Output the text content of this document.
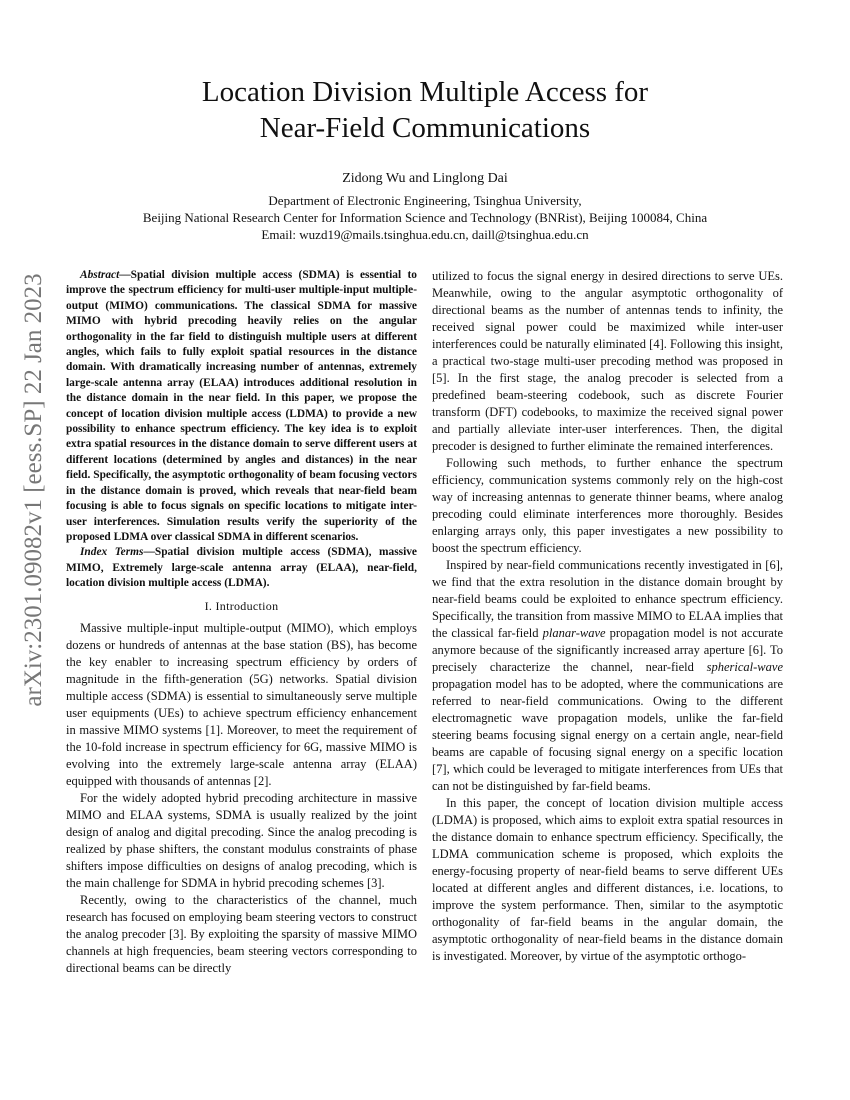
arXiv:2301.09082v1 [eess.SP] 22 Jan 2023
Location Division Multiple Access for
Near-Field Communications
Zidong Wu and Linglong Dai
Department of Electronic Engineering, Tsinghua University,
Beijing National Research Center for Information Science and Technology (BNRist), Beijing 100084, China
Email: wuzd19@mails.tsinghua.edu.cn, daill@tsinghua.edu.cn

Abstract—Spatial division multiple access (SDMA) is essential to improve the spectrum efficiency for multi-user multiple-input multiple-output (MIMO) communications. The classical SDMA for massive MIMO with hybrid precoding heavily relies on the angular orthogonality in the far field to distinguish multiple users at different angles, which fails to fully exploit spatial resources in the distance domain. With dramatically increasing number of antennas, extremely large-scale antenna array (ELAA) introduces additional resolution in the distance domain in the near field. In this paper, we propose the concept of location division multiple access (LDMA) to provide a new possibility to enhance spectrum efficiency. The key idea is to exploit extra spatial resources in the distance domain to serve different users at different locations (determined by angles and distances) in the near field. Specifically, the asymptotic orthogonality of beam focusing vectors in the distance domain is proved, which reveals that near-field beam focusing is able to focus signals on specific locations to mitigate inter-user interferences. Simulation results verify the superiority of the proposed LDMA over classical SDMA in different scenarios.

Index Terms—Spatial division multiple access (SDMA), massive MIMO, Extremely large-scale antenna array (ELAA), near-field, location division multiple access (LDMA).

I. Introduction

Massive multiple-input multiple-output (MIMO), which employs dozens or hundreds of antennas at the base station (BS), has become the key enabler to increasing spectrum efficiency by orders of magnitude in the fifth-generation (5G) networks. Spatial division multiple access (SDMA) is essential to simultaneously serve multiple user equipments (UEs) to achieve spectrum efficiency enhancement in massive MIMO systems [1]. Moreover, to meet the requirement of the 10-fold increase in spectrum efficiency for 6G, massive MIMO is evolving into the extremely large-scale antenna array (ELAA) equipped with thousands of antennas [2].

For the widely adopted hybrid precoding architecture in massive MIMO and ELAA systems, SDMA is usually realized by the joint design of analog and digital precoding. Since the analog precoding is realized by phase shifters, the constant modulus constraints of phase shifters impose difficulties on designs of analog precoding, which is the main challenge for SDMA in hybrid precoding schemes [3].

Recently, owing to the characteristics of the channel, much research has focused on employing beam steering vectors to construct the analog precoder [3]. By exploiting the sparsity of massive MIMO channels at high frequencies, beam steering vectors corresponding to directional beams can be directly

utilized to focus the signal energy in desired directions to serve UEs. Meanwhile, owing to the angular asymptotic orthogonality of directional beams as the number of antennas tends to infinity, the received signal power could be maximized while inter-user interferences could be naturally eliminated [4]. Following this insight, a practical two-stage multi-user precoding method was proposed in [5]. In the first stage, the analog precoder is selected from a predefined beam-steering codebook, such as discrete Fourier transform (DFT) codebooks, to maximize the received signal power and partially alleviate inter-user interferences. Then, the digital precoder is designed to further eliminate the remained interferences.

Following such methods, to further enhance the spectrum efficiency, communication systems commonly rely on the high-cost way of increasing antennas to generate thinner beams, where analog precoding could eliminate interferences more thoroughly. Besides enlarging arrays only, this paper investigates a new possibility to boost the spectrum efficiency.

Inspired by near-field communications recently investigated in [6], we find that the extra resolution in the distance domain brought by near-field beams could be exploited to enhance spectrum efficiency. Specifically, the transition from massive MIMO to ELAA implies that the classical far-field planar-wave propagation model is not accurate anymore because of the significantly increased array aperture [6]. To precisely characterize the channel, near-field spherical-wave propagation model has to be adopted, where the communications are referred to near-field communications. Owing to the different electromagnetic wave propagation models, unlike the far-field steering beams focusing signal energy on a certain angle, near-field beams are capable of focusing signal energy on a specific location [7], which could be leveraged to mitigate interferences from UEs that can not be distinguished by far-field beams.

In this paper, the concept of location division multiple access (LDMA) is proposed, which aims to exploit extra spatial resources in the distance domain to enhance spectrum efficiency. Specifically, the LDMA communication scheme is proposed, which exploits the energy-focusing property of near-field beams to serve different UEs located at different angles and different distances, i.e. locations, to improve the system performance. Then, similar to the asymptotic orthogonality of far-field beams in the angular domain, the asymptotic orthogonality of near-field beams in the distance domain is investigated. Moreover, by virtue of the asymptotic orthogo-
